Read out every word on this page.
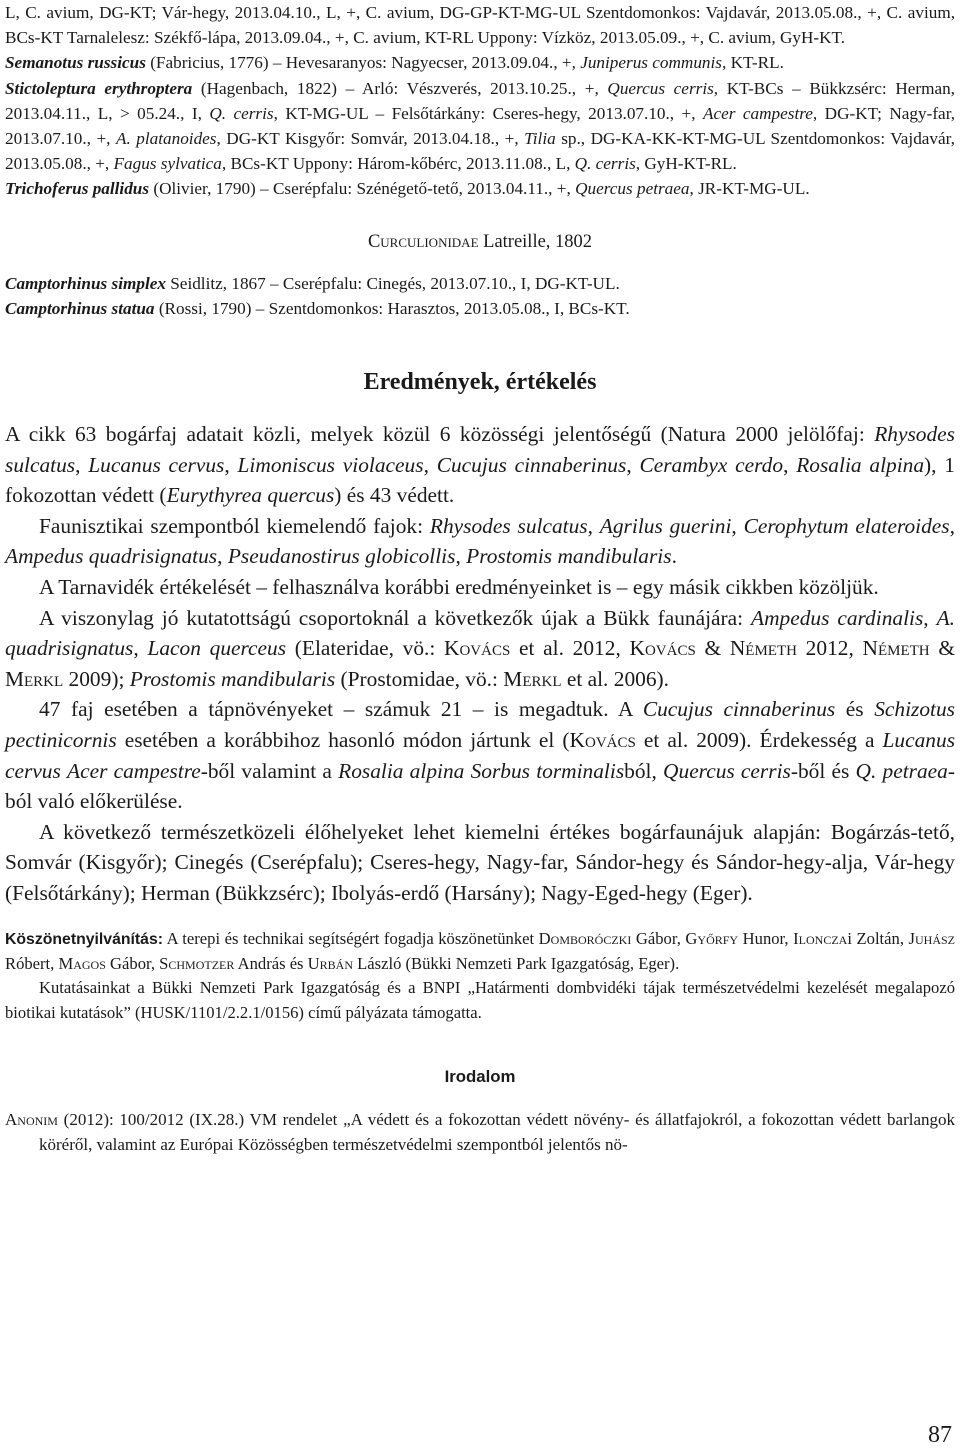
L, C. avium, DG-KT; Vár-hegy, 2013.04.10., L, +, C. avium, DG-GP-KT-MG-UL Szentdomonkos: Vajdavár, 2013.05.08., +, C. avium, BCs-KT Tarnalelesz: Székfő-lápa, 2013.09.04., +, C. avium, KT-RL Uppony: Vízköz, 2013.05.09., +, C. avium, GyH-KT.

Semanotus russicus (Fabricius, 1776) – Hevesaranyos: Nagyecser, 2013.09.04., +, Juniperus communis, KT-RL.

Stictoleptura erythroptera (Hagenbach, 1822) – Arló: Vészverés, 2013.10.25., +, Quercus cerris, KT-BCs – Bükkzsérc: Herman, 2013.04.11., L, > 05.24., I, Q. cerris, KT-MG-UL – Felsőtárkány: Cseres-hegy, 2013.07.10., +, Acer campestre, DG-KT; Nagy-far, 2013.07.10., +, A. platanoides, DG-KT Kisgyőr: Somvár, 2013.04.18., +, Tilia sp., DG-KA-KK-KT-MG-UL Szentdomonkos: Vajdavár, 2013.05.08., +, Fagus sylvatica, BCs-KT Uppony: Három-kőbérc, 2013.11.08., L, Q. cerris, GyH-KT-RL.

Trichoferus pallidus (Olivier, 1790) – Cserépfalu: Szénégető-tető, 2013.04.11., +, Quercus petraea, JR-KT-MG-UL.

Curculionidae Latreille, 1802

Camptorhinus simplex Seidlitz, 1867 – Cserépfalu: Cinegés, 2013.07.10., I, DG-KT-UL.

Camptorhinus statua (Rossi, 1790) – Szentdomonkos: Harasztos, 2013.05.08., I, BCs-KT.

Eredmények, értékelés

A cikk 63 bogárfaj adatait közli, melyek közül 6 közösségi jelentőségű (Natura 2000 jelölőfaj: Rhysodes sulcatus, Lucanus cervus, Limoniscus violaceus, Cucujus cinnaberinus, Cerambyx cerdo, Rosalia alpina), 1 fokozottan védett (Eurythyrea quercus) és 43 védett.

Faunisztikai szempontból kiemelendő fajok: Rhysodes sulcatus, Agrilus guerini, Cerophytum elateroides, Ampedus quadrisignatus, Pseudanostirus globicollis, Prostomis mandibularis.

A Tarnavidék értékelését – felhasználva korábbi eredményeinket is – egy másik cikkben közöljük.

A viszonylag jó kutatottságú csoportoknál a következők újak a Bükk faunájára: Ampedus cardinalis, A. quadrisignatus, Lacon querceus (Elateridae, vö.: Kovács et al. 2012, Kovács & Németh 2012, Németh & Merkl 2009); Prostomis mandibularis (Prostomidae, vö.: Merkl et al. 2006).

47 faj esetében a tápnövényeket – számuk 21 – is megadtuk. A Cucujus cinnaberinus és Schizotus pectinicornis esetében a korábbihoz hasonló módon jártunk el (Kovács et al. 2009). Érdekesség a Lucanus cervus Acer campestre-ből valamint a Rosalia alpina Sorbus torminalisból, Quercus cerris-ből és Q. petraea-ból való előkerülése.

A következő természetközeli élőhelyeket lehet kiemelni értékes bogárfaunájuk alapján: Bogárzás-tető, Somvár (Kisgyőr); Cinegés (Cserépfalu); Cseres-hegy, Nagy-far, Sándor-hegy és Sándor-hegy-alja, Vár-hegy (Felsőtárkány); Herman (Bükkzsérc); Ibolyás-erdő (Harsány); Nagy-Eged-hegy (Eger).

Köszönetnyilvánítás: A terepi és technikai segítségért fogadja köszönetünket Domboróczki Gábor, Győrfy Hunor, Ilonczai Zoltán, Juhász Róbert, Magos Gábor, Schmotzer András és Urbán László (Bükki Nemzeti Park Igazgatóság, Eger).

Kutatásainkat a Bükki Nemzeti Park Igazgatóság és a BNPI „Határmenti dombvidéki tájak természetvédelmi kezelését megalapozó biotikai kutatások” (HUSK/1101/2.2.1/0156) című pályázata támogatta.

Irodalom

Anonim (2012): 100/2012 (IX.28.) VM rendelet „A védett és a fokozottan védett növény- és állatfajokról, a fokozottan védett barlangok köréről, valamint az Európai Közösségben természetvédelmi szempontból jelentős nö-

87
